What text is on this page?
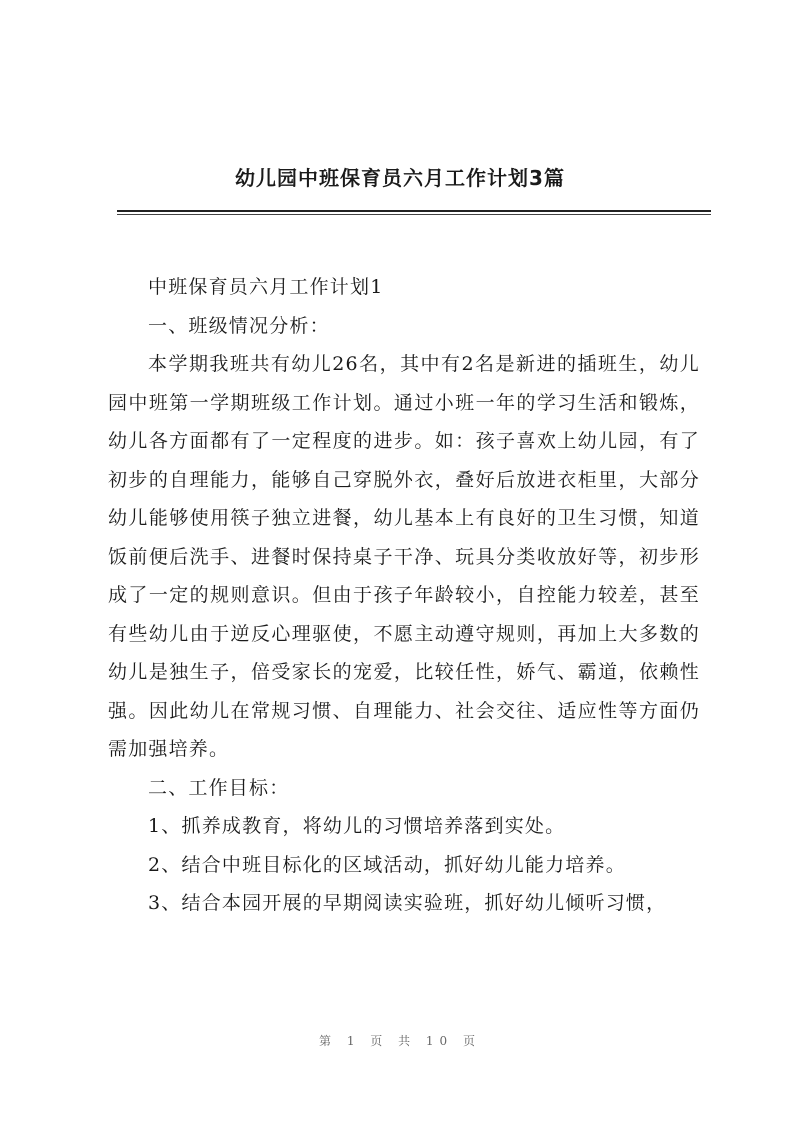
幼儿园中班保育员六月工作计划3篇

中班保育员六月工作计划1

一、班级情况分析：

本学期我班共有幼儿26名，其中有2名是新进的插班生，幼儿园中班第一学期班级工作计划。通过小班一年的学习生活和锻炼，幼儿各方面都有了一定程度的进步。如：孩子喜欢上幼儿园，有了初步的自理能力，能够自己穿脱外衣，叠好后放进衣柜里，大部分幼儿能够使用筷子独立进餐，幼儿基本上有良好的卫生习惯，知道饭前便后洗手、进餐时保持桌子干净、玩具分类收放好等，初步形成了一定的规则意识。但由于孩子年龄较小，自控能力较差，甚至有些幼儿由于逆反心理驱使，不愿主动遵守规则，再加上大多数的幼儿是独生子，倍受家长的宠爱，比较任性，娇气、霸道，依赖性强。因此幼儿在常规习惯、自理能力、社会交往、适应性等方面仍需加强培养。

二、工作目标：

1、抓养成教育，将幼儿的习惯培养落到实处。

2、结合中班目标化的区域活动，抓好幼儿能力培养。

3、结合本园开展的早期阅读实验班，抓好幼儿倾听习惯，

第 1 页 共 10 页
